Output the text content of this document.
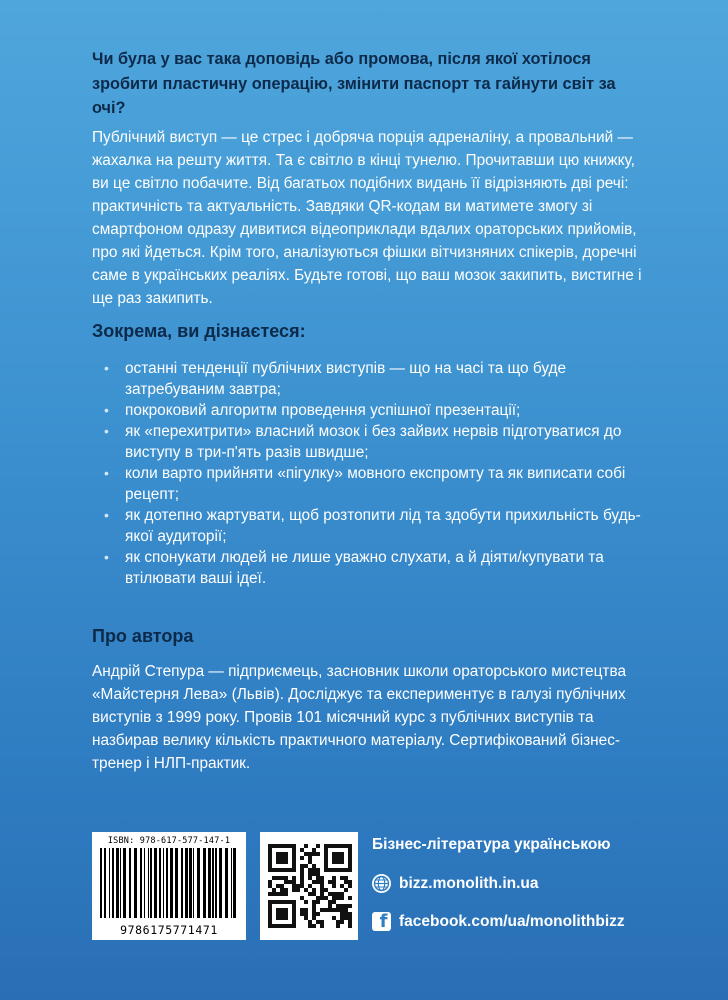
Чи була у вас така доповідь або промова, після якої хотілося зробити пластичну операцію, змінити паспорт та гайнути світ за очі?
Публічний виступ — це стрес і добряча порція адреналіну, а провальний — жахалка на решту життя. Та є світло в кінці тунелю. Прочитавши цю книжку, ви це світло побачите. Від багатьох подібних видань її відрізняють дві речі: практичність та актуальність. Завдяки QR-кодам ви матимете змогу зі смартфоном одразу дивитися відеоприклади вдалих ораторських прийомів, про які йдеться. Крім того, аналізуються фішки вітчизняних спікерів, доречні саме в українських реаліях. Будьте готові, що ваш мозок закипить, вистигне і ще раз закипить.
Зокрема, ви дізнаєтеся:
• останні тенденції публічних виступів — що на часі та що буде затребуваним завтра;
• покроковий алгоритм проведення успішної презентації;
• як «перехитрити» власний мозок і без зайвих нервів підготуватися до виступу в три-п'ять разів швидше;
• коли варто прийняти «пігулку» мовного експромту та як виписати собі рецепт;
• як дотепно жартувати, щоб розтопити лід та здобути прихильність будь-якої аудиторії;
• як спонукати людей не лише уважно слухати, а й діяти/купувати та втілювати ваші ідеї.
Про автора
Андрій Степура — підприємець, засновник школи ораторського мистецтва «Майстерня Лева» (Львів). Досліджує та експериментує в галузі публічних виступів з 1999 року. Провів 101 місячний курс з публічних виступів та назбирав велику кількість практичного матеріалу. Сертифікований бізнес-тренер і НЛП-практик.
ISBN: 978-617-577-147-1
9786175771471
Бізнес-література українською
bizz.monolith.in.ua
f facebook.com/ua/monolithbizz
